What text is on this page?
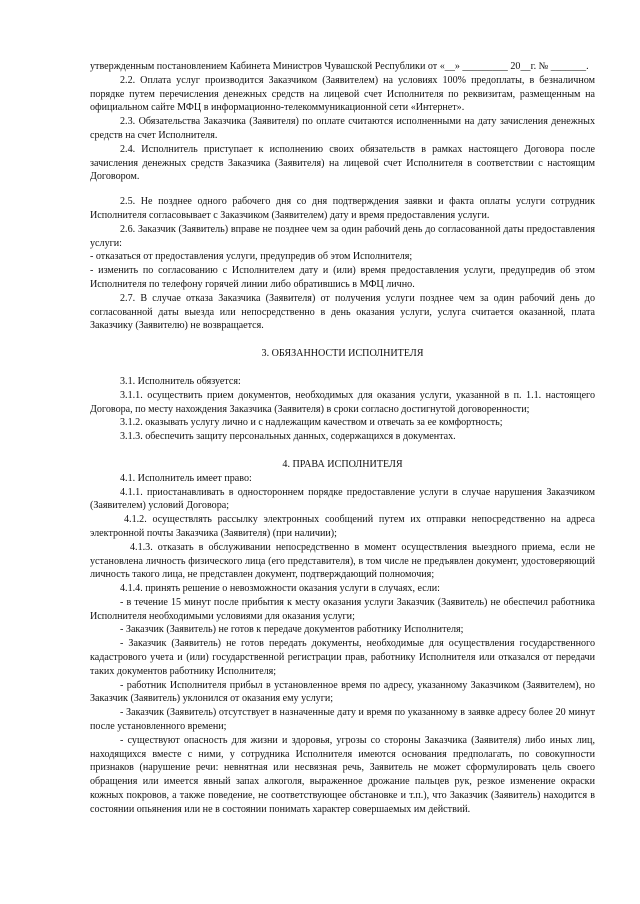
утвержденным постановлением Кабинета Министров Чувашской Республики от «__» _________ 20__г. № _______.

2.2. Оплата услуг производится Заказчиком (Заявителем) на условиях 100% предоплаты, в безналичном порядке путем перечисления денежных средств на лицевой счет Исполнителя по реквизитам, размещенным на официальном сайте МФЦ в информационно-телекоммуникационной сети «Интернет».

2.3. Обязательства Заказчика (Заявителя) по оплате считаются исполненными на дату зачисления денежных средств на счет Исполнителя.

2.4. Исполнитель приступает к исполнению своих обязательств в рамках настоящего Договора после зачисления денежных средств Заказчика (Заявителя) на лицевой счет Исполнителя в соответствии с настоящим Договором.

2.5. Не позднее одного рабочего дня со дня подтверждения заявки и факта оплаты услуги сотрудник Исполнителя согласовывает с Заказчиком (Заявителем) дату и время предоставления услуги.

2.6. Заказчик (Заявитель) вправе не позднее чем за один рабочий день до согласованной даты предоставления услуги:

- отказаться от предоставления услуги, предупредив об этом Исполнителя;

- изменить по согласованию с Исполнителем дату и (или) время предоставления услуги, предупредив об этом Исполнителя по телефону горячей линии либо обратившись в МФЦ лично.

2.7. В случае отказа Заказчика (Заявителя) от получения услуги позднее чем за один рабочий день до согласованной даты выезда или непосредственно в день оказания услуги, услуга считается оказанной, плата Заказчику (Заявителю) не возвращается.

3. ОБЯЗАННОСТИ ИСПОЛНИТЕЛЯ

3.1. Исполнитель обязуется:

3.1.1. осуществить прием документов, необходимых для оказания услуги, указанной в п. 1.1. настоящего Договора, по месту нахождения Заказчика (Заявителя) в сроки согласно достигнутой договоренности;

3.1.2. оказывать услугу лично и с надлежащим качеством и отвечать за ее комфортность;

3.1.3. обеспечить защиту персональных данных, содержащихся в документах.

4. ПРАВА ИСПОЛНИТЕЛЯ

4.1. Исполнитель имеет право:

4.1.1. приостанавливать в одностороннем порядке предоставление услуги в случае нарушения Заказчиком (Заявителем) условий Договора;

4.1.2. осуществлять рассылку электронных сообщений путем их отправки непосредственно на адреса электронной почты Заказчика (Заявителя) (при наличии);

4.1.3. отказать в обслуживании непосредственно в момент осуществления выездного приема, если не установлена личность физического лица (его представителя), в том числе не предъявлен документ, удостоверяющий личность такого лица, не представлен документ, подтверждающий полномочия;

4.1.4. принять решение о невозможности оказания услуги в случаях, если:

- в течение 15 минут после прибытия к месту оказания услуги Заказчик (Заявитель) не обеспечил работника Исполнителя необходимыми условиями для оказания услуги;

- Заказчик (Заявитель) не готов к передаче документов работнику Исполнителя;

- Заказчик (Заявитель) не готов передать документы, необходимые для осуществления государственного кадастрового учета и (или) государственной регистрации прав, работнику Исполнителя или отказался от передачи таких документов работнику Исполнителя;

- работник Исполнителя прибыл в установленное время по адресу, указанному Заказчиком (Заявителем), но Заказчик (Заявитель) уклонился от оказания ему услуги;

- Заказчик (Заявитель) отсутствует в назначенные дату и время по указанному в заявке адресу более 20 минут после установленного времени;

- существуют опасность для жизни и здоровья, угрозы со стороны Заказчика (Заявителя) либо иных лиц, находящихся вместе с ними, у сотрудника Исполнителя имеются основания предполагать, по совокупности признаков (нарушение речи: невнятная или несвязная речь, Заявитель не может сформулировать цель своего обращения или имеется явный запах алкоголя, выраженное дрожание пальцев рук, резкое изменение окраски кожных покровов, а также поведение, не соответствующее обстановке и т.п.), что Заказчик (Заявитель) находится в состоянии опьянения или не в состоянии понимать характер совершаемых им действий.
